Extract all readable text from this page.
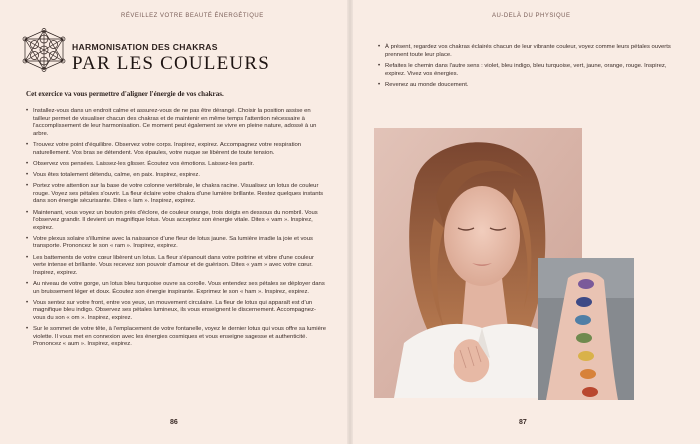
RÉVEILLEZ VOTRE BEAUTÉ ÉNERGÉTIQUE
HARMONISATION DES CHAKRAS
PAR LES COULEURS
Cet exercice va vous permettre d'aligner l'énergie de vos chakras.
• Installez-vous dans un endroit calme et assurez-vous de ne pas être dérangé. Choisir la position assise en tailleur permet de visualiser chacun des chakras et de maintenir en même temps l'attention nécessaire à l'accomplissement de leur harmonisation. Ce moment peut également se vivre en pleine nature, adossé à un arbre.
• Trouvez votre point d'équilibre. Observez votre corps. Inspirez, expirez. Accompagnez votre respiration naturellement. Vos bras se détendent. Vos épaules, votre nuque se libèrent de toute tension.
• Observez vos pensées. Laissez-les glisser. Écoutez vos émotions. Laissez-les partir.
• Vous êtes totalement détendu, calme, en paix. Inspirez, expirez.
• Portez votre attention sur la base de votre colonne vertébrale, le chakra racine. Visualisez un lotus de couleur rouge. Voyez ses pétales s'ouvrir. La fleur éclaire votre chakra d'une lumière brillante. Restez quelques instants dans son énergie sécurisante. Dites « lam ». Inspirez, expirez.
• Maintenant, vous voyez un bouton près d'éclore, de couleur orange, trois doigts en dessous du nombril. Vous l'observez grandir. Il devient un magnifique lotus. Vous acceptez son énergie vitale. Dites « vam ». Inspirez, expirez.
• Votre plexus solaire s'illumine avec la naissance d'une fleur de lotus jaune. Sa lumière irradie la joie et vous transporte. Prononcez le son « ram ». Inspirez, expirez.
• Les battements de votre cœur libèrent un lotus. La fleur s'épanouit dans votre poitrine et vibre d'une couleur verte intense et brillante. Vous recevez son pouvoir d'amour et de guérison. Dites « yam » avec votre cœur. Inspirez, expirez.
• Au niveau de votre gorge, un lotus bleu turquoise ouvre sa corolle. Vous entendez ses pétales se déployer dans un bruissement léger et doux. Écoutez son énergie inspirante. Exprimez le son « ham ». Inspirez, expirez.
• Vous sentez sur votre front, entre vos yeux, un mouvement circulaire. La fleur de lotus qui apparaît est d'un magnifique bleu indigo. Observez ses pétales lumineux, ils vous enseignent le discernement. Accompagnez-vous du son « om ». Inspirez, expirez.
• Sur le sommet de votre tête, à l'emplacement de votre fontanelle, voyez le dernier lotus qui vous offre sa lumière violette. Il vous met en connexion avec les énergies cosmiques et vous enseigne sagesse et authenticité. Prononcez « aum ». Inspirez, expirez.
86
AU-DELÀ DU PHYSIQUE
• À présent, regardez vos chakras éclairés chacun de leur vibrante couleur, voyez comme leurs pétales ouverts prennent toute leur place.
• Refaites le chemin dans l'autre sens : violet, bleu indigo, bleu turquoise, vert, jaune, orange, rouge. Inspirez, expirez. Vivez vos énergies.
• Revenez au monde doucement.
87
